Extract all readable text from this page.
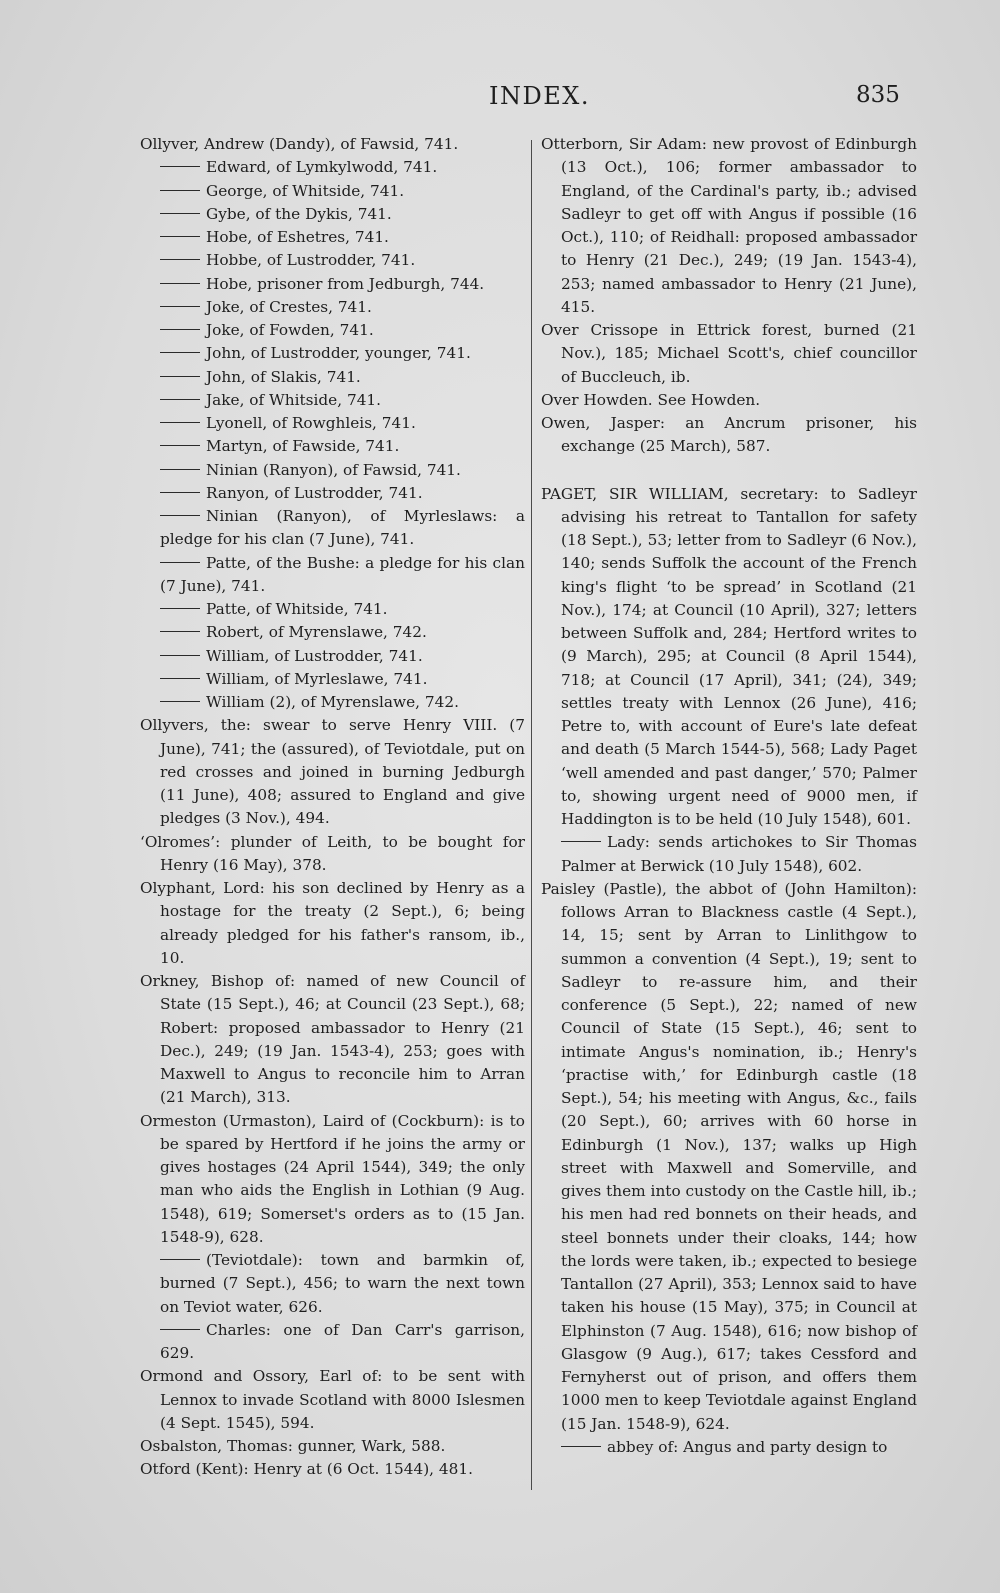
INDEX.	835

Ollyver, Andrew (Dandy), of Fawsid, 741.

Edward, of Lymkylwodd, 741.

George, of Whitside, 741.

Gybe, of the Dykis, 741.

Hobe, of Eshetres, 741.

Hobbe, of Lustrodder, 741.

Hobe, prisoner from Jedburgh, 744.

Joke, of Crestes, 741.

Joke, of Fowden, 741.

John, of Lustrodder, younger, 741.

John, of Slakis, 741.

Jake, of Whitside, 741.

Lyonell, of Rowghleis, 741.

Martyn, of Fawside, 741.

Ninian (Ranyon), of Fawsid, 741.

Ranyon, of Lustrodder, 741.

Ninian (Ranyon), of Myrleslaws: a pledge for his clan (7 June), 741.

Patte, of the Bushe: a pledge for his clan (7 June), 741.

Patte, of Whitside, 741.

Robert, of Myrenslawe, 742.

William, of Lustrodder, 741.

William, of Myrleslawe, 741.

William (2), of Myrenslawe, 742.

Ollyvers, the: swear to serve Henry VIII. (7 June), 741; the (assured), of Teviotdale, put on red crosses and joined in burning Jedburgh (11 June), 408; assured to England and give pledges (3 Nov.), 494.

‘Olromes’: plunder of Leith, to be bought for Henry (16 May), 378.

Olyphant, Lord: his son declined by Henry as a hostage for the treaty (2 Sept.), 6; being already pledged for his father's ransom, ib., 10.

Orkney, Bishop of: named of new Council of State (15 Sept.), 46; at Council (23 Sept.), 68; Robert: proposed ambassador to Henry (21 Dec.), 249; (19 Jan. 1543-4), 253; goes with Maxwell to Angus to reconcile him to Arran (21 March), 313.

Ormeston (Urmaston), Laird of (Cockburn): is to be spared by Hertford if he joins the army or gives hostages (24 April 1544), 349; the only man who aids the English in Lothian (9 Aug. 1548), 619; Somerset's orders as to (15 Jan. 1548-9), 628.

(Teviotdale): town and barmkin of, burned (7 Sept.), 456; to warn the next town on Teviot water, 626.

Charles: one of Dan Carr's garrison, 629.

Ormond and Ossory, Earl of: to be sent with Lennox to invade Scotland with 8000 Islesmen (4 Sept. 1545), 594.

Osbalston, Thomas: gunner, Wark, 588.

Otford (Kent): Henry at (6 Oct. 1544), 481.

Otterborn, Sir Adam: new provost of Edinburgh (13 Oct.), 106; former ambassador to England, of the Cardinal's party, ib.; advised Sadleyr to get off with Angus if possible (16 Oct.), 110; of Reidhall: proposed ambassador to Henry (21 Dec.), 249; (19 Jan. 1543-4), 253; named ambassador to Henry (21 June), 415.

Over Crissope in Ettrick forest, burned (21 Nov.), 185; Michael Scott's, chief councillor of Buccleuch, ib.

Over Howden. See Howden.

Owen, Jasper: an Ancrum prisoner, his exchange (25 March), 587.

PAGET, SIR WILLIAM, secretary: to Sadleyr advising his retreat to Tantallon for safety (18 Sept.), 53; letter from to Sadleyr (6 Nov.), 140; sends Suffolk the account of the French king's flight ‘to be spread’ in Scotland (21 Nov.), 174; at Council (10 April), 327; letters between Suffolk and, 284; Hertford writes to (9 March), 295; at Council (8 April 1544), 718; at Council (17 April), 341; (24), 349; settles treaty with Lennox (26 June), 416; Petre to, with account of Eure's late defeat and death (5 March 1544-5), 568; Lady Paget ‘well amended and past danger,’ 570; Palmer to, showing urgent need of 9000 men, if Haddington is to be held (10 July 1548), 601.

Lady: sends artichokes to Sir Thomas Palmer at Berwick (10 July 1548), 602.

Paisley (Pastle), the abbot of (John Hamilton): follows Arran to Blackness castle (4 Sept.), 14, 15; sent by Arran to Linlithgow to summon a convention (4 Sept.), 19; sent to Sadleyr to re-assure him, and their conference (5 Sept.), 22; named of new Council of State (15 Sept.), 46; sent to intimate Angus's nomination, ib.; Henry's ‘practise with,’ for Edinburgh castle (18 Sept.), 54; his meeting with Angus, &c., fails (20 Sept.), 60; arrives with 60 horse in Edinburgh (1 Nov.), 137; walks up High street with Maxwell and Somerville, and gives them into custody on the Castle hill, ib.; his men had red bonnets on their heads, and steel bonnets under their cloaks, 144; how the lords were taken, ib.; expected to besiege Tantallon (27 April), 353; Lennox said to have taken his house (15 May), 375; in Council at Elphinston (7 Aug. 1548), 616; now bishop of Glasgow (9 Aug.), 617; takes Cessford and Fernyherst out of prison, and offers them 1000 men to keep Teviotdale against England (15 Jan. 1548-9), 624.

abbey of: Angus and party design to
